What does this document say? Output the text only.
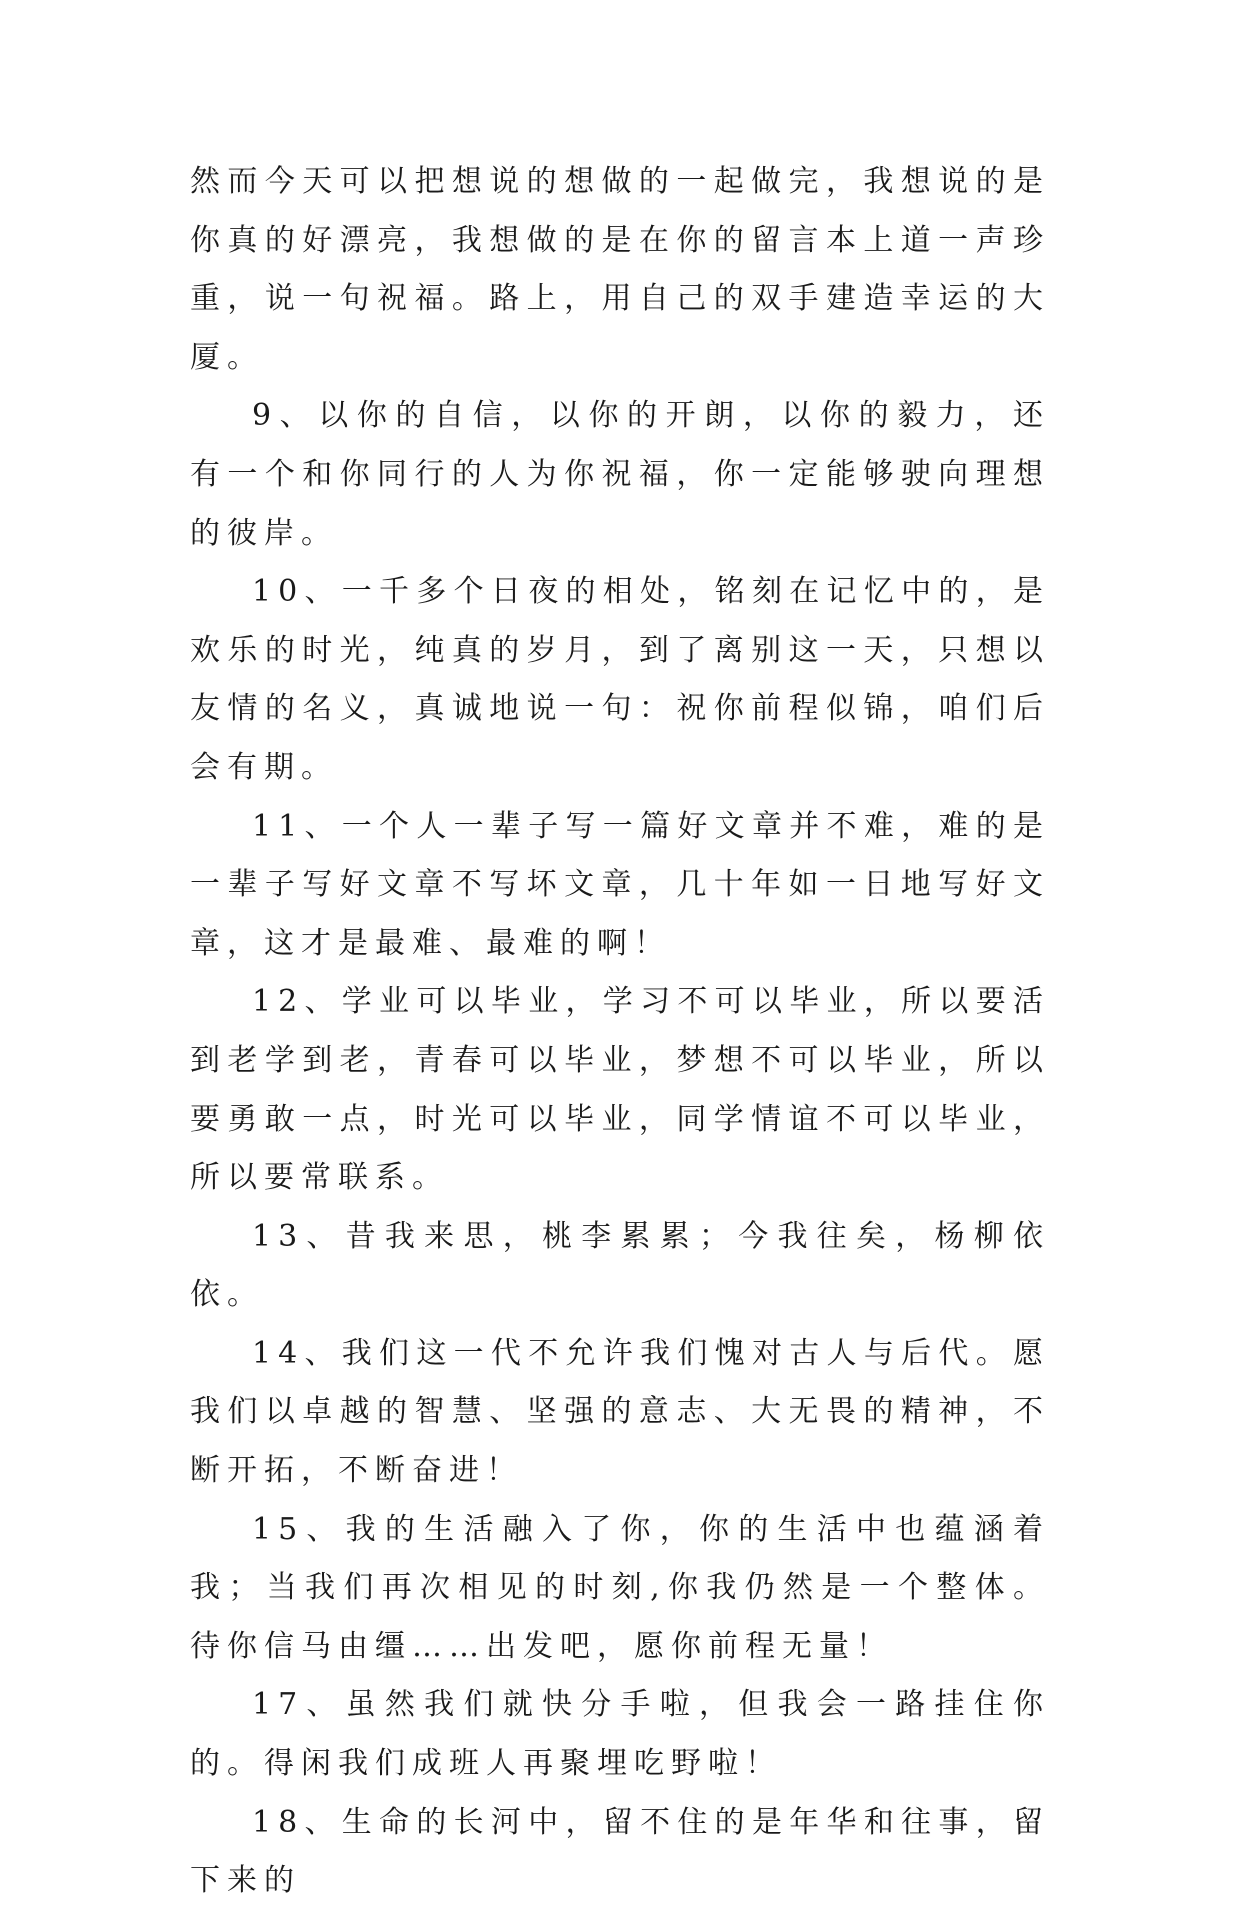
然而今天可以把想说的想做的一起做完，我想说的是你真的好漂亮，我想做的是在你的留言本上道一声珍重，说一句祝福。路上，用自己的双手建造幸运的大厦。

9、以你的自信，以你的开朗，以你的毅力，还有一个和你同行的人为你祝福，你一定能够驶向理想的彼岸。

10、一千多个日夜的相处，铭刻在记忆中的，是欢乐的时光，纯真的岁月，到了离别这一天，只想以友情的名义，真诚地说一句：祝你前程似锦，咱们后会有期。

11、一个人一辈子写一篇好文章并不难，难的是一辈子写好文章不写坏文章，几十年如一日地写好文章，这才是最难、最难的啊！

12、学业可以毕业，学习不可以毕业，所以要活到老学到老，青春可以毕业，梦想不可以毕业，所以要勇敢一点，时光可以毕业，同学情谊不可以毕业，所以要常联系。

13、昔我来思，桃李累累；今我往矣，杨柳依依。

14、我们这一代不允许我们愧对古人与后代。愿我们以卓越的智慧、坚强的意志、大无畏的精神，不断开拓，不断奋进！

15、我的生活融入了你，你的生活中也蕴涵着我；当我们再次相见的时刻,你我仍然是一个整体。待你信马由缰……出发吧，愿你前程无量！

17、虽然我们就快分手啦，但我会一路挂住你的。得闲我们成班人再聚埋吃野啦！

18、生命的长河中，留不住的是年华和往事，留下来的
